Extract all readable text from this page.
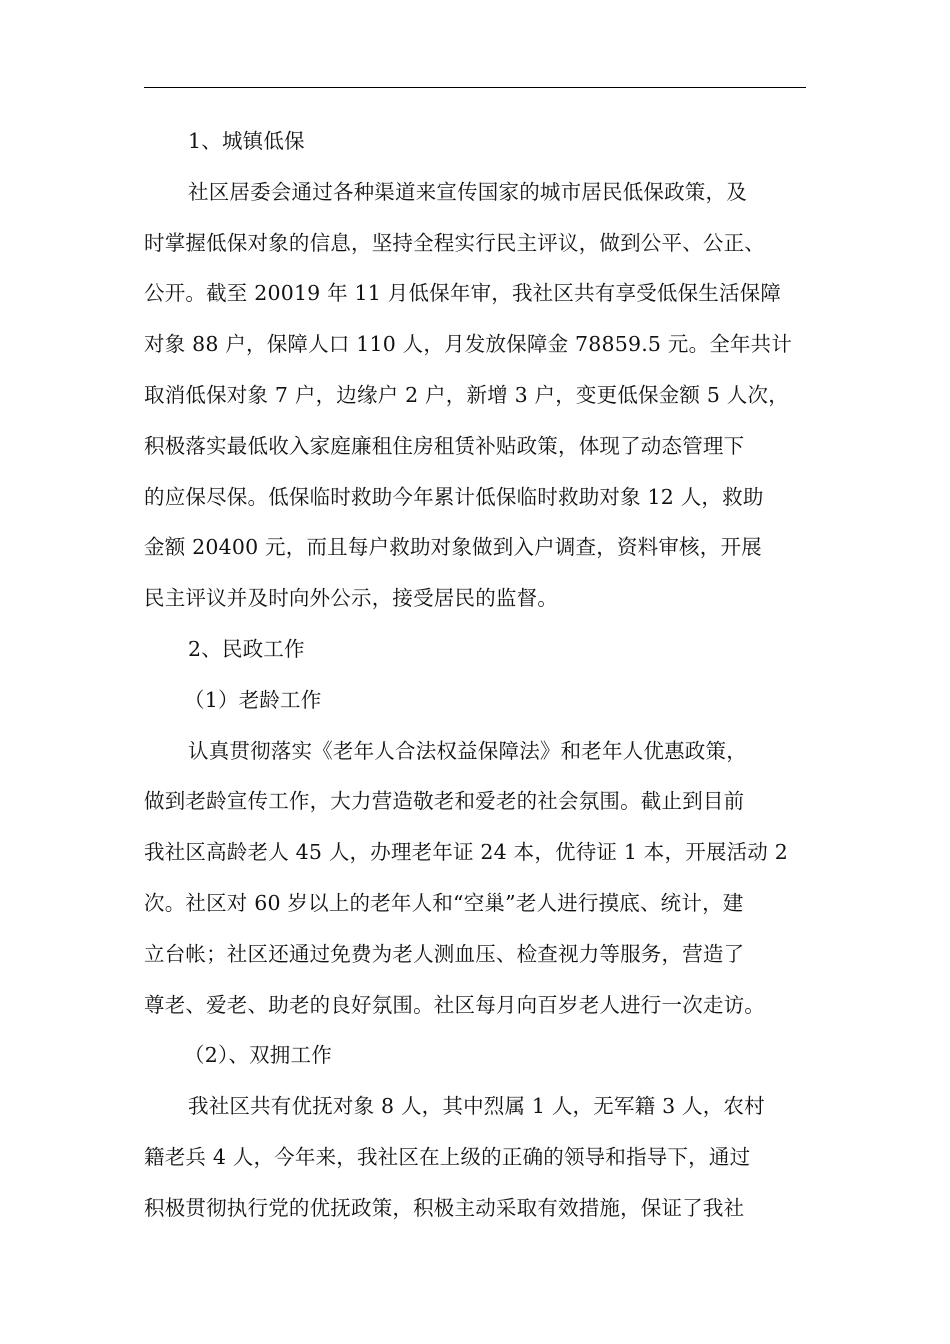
1、城镇低保
社区居委会通过各种渠道来宣传国家的城市居民低保政策，及
时掌握低保对象的信息，坚持全程实行民主评议，做到公平、公正、
公开。截至 20019 年 11 月低保年审，我社区共有享受低保生活保障
对象 88 户，保障人口 110 人，月发放保障金 78859.5 元。全年共计
取消低保对象 7 户，边缘户 2 户，新增 3 户，变更低保金额 5 人次，
积极落实最低收入家庭廉租住房租赁补贴政策，体现了动态管理下
的应保尽保。低保临时救助今年累计低保临时救助对象 12 人，救助
金额 20400 元，而且每户救助对象做到入户调查，资料审核，开展
民主评议并及时向外公示，接受居民的监督。
2、民政工作
（1）老龄工作
认真贯彻落实《老年人合法权益保障法》和老年人优惠政策，
做到老龄宣传工作，大力营造敬老和爱老的社会氛围。截止到目前
我社区高龄老人 45 人，办理老年证 24 本，优待证 1 本，开展活动 2
次。社区对 60 岁以上的老年人和“空巢”老人进行摸底、统计，建
立台帐；社区还通过免费为老人测血压、检查视力等服务，营造了
尊老、爱老、助老的良好氛围。社区每月向百岁老人进行一次走访。
（2）、双拥工作
我社区共有优抚对象 8 人，其中烈属 1 人，无军籍 3 人，农村
籍老兵 4 人，今年来，我社区在上级的正确的领导和指导下，通过
积极贯彻执行党的优抚政策，积极主动采取有效措施，保证了我社
